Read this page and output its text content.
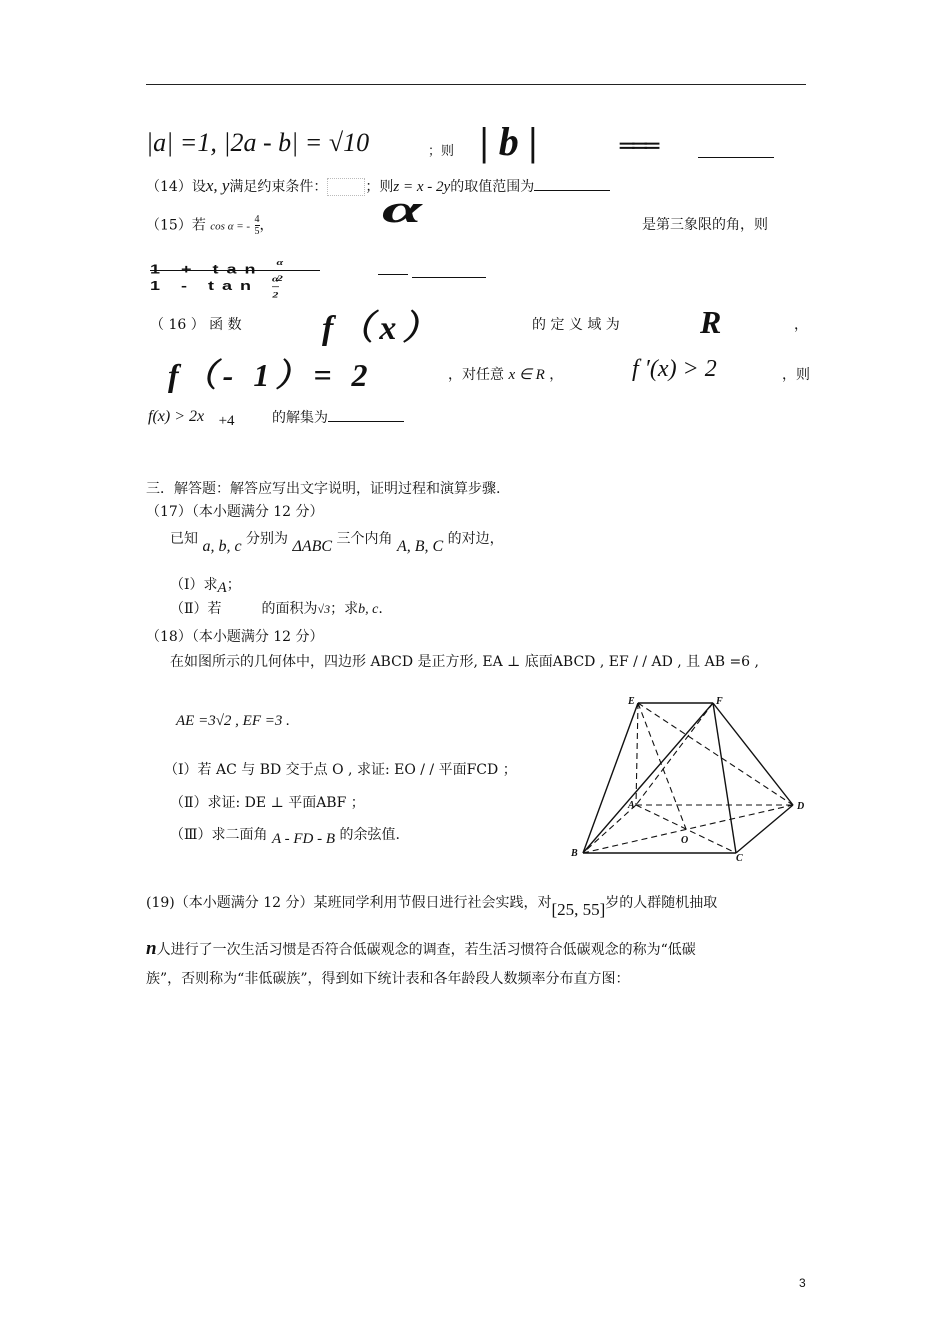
|a| =1, |2a - b| = √10	；则 | b |	═══
（14）设x, y满足约束条件：	；则z = x - 2y的取值范围为
（15）若 cos α = - $\frac{4}{5}$ ， α	是第三象限的角，则
$1 + \tan \frac{\alpha}{2}$
$1 - \tan \frac{\alpha}{2}$
（ 16 ） 函 数 f（x）	的 定 义 域 为	R	，
f（- 1）= 2	，对任意 x ∈ R ，	f ′(x) > 2	，则
f(x) > 2x +4	的解集为
三．解答题：解答应写出文字说明，证明过程和演算步骤.
（17）（本小题满分 12 分）
已知 a, b, c 分别为 ΔABC 三个内角 A, B, C 的对边，
（Ⅰ）求A；
（Ⅱ）若	的面积为√3；求b, c.
（18）（本小题满分 12 分）
在如图所示的几何体中，四边形 ABCD 是正方形, EA ⊥ 底面ABCD , EF / / AD , 且 AB =6 ,
AE =3√2 , EF =3 .
（Ⅰ）若 AC 与 BD 交于点 O , 求证: EO / / 平面FCD ；
（Ⅱ）求证: DE ⊥ 平面ABF ；
（Ⅲ）求二面角 A - FD - B 的余弦值.
E	F
A	D
O
B	C
(19)（本小题满分 12 分）某班同学利用节假日进行社会实践，对[25, 55]岁的人群随机抽取
n人进行了一次生活习惯是否符合低碳观念的调查，若生活习惯符合低碳观念的称为“低碳
族”，否则称为“非低碳族”，得到如下统计表和各年龄段人数频率分布直方图：
3
